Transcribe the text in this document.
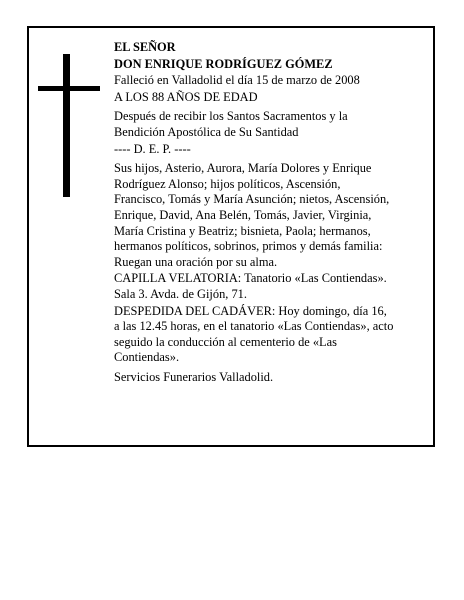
EL SEÑOR

DON ENRIQUE RODRÍGUEZ GÓMEZ

Falleció en Valladolid el día 15 de marzo de 2008

A LOS 88 AÑOS DE EDAD

Después de recibir los Santos Sacramentos y la
Bendición Apostólica de Su Santidad

---- D. E. P. ----

Sus hijos, Asterio, Aurora, María Dolores y Enrique
Rodríguez Alonso; hijos políticos, Ascensión,
Francisco, Tomás y María Asunción; nietos, Ascensión,
Enrique, David, Ana Belén, Tomás, Javier, Virginia,
María Cristina y Beatriz; bisnieta, Paola; hermanos,
hermanos políticos, sobrinos, primos y demás familia:
Ruegan una oración por su alma.

CAPILLA VELATORIA: Tanatorio «Las Contiendas».
Sala 3. Avda. de Gijón, 71.

DESPEDIDA DEL CADÁVER: Hoy domingo, día 16,
a las 12.45 horas, en el tanatorio «Las Contiendas», acto
seguido la conducción al cementerio de «Las
Contiendas».

Servicios Funerarios Valladolid.
